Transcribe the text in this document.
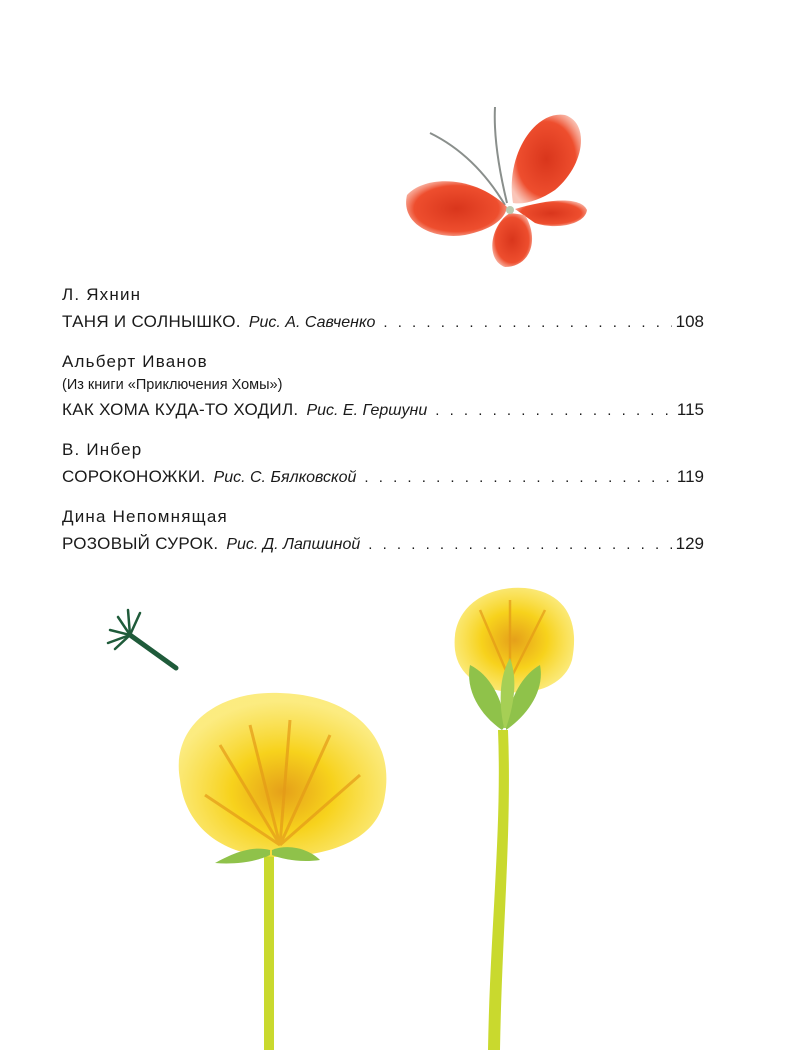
Л. Яхнин
ТАНЯ И СОЛНЫШКО. Рис. А. Савченко . . .	108
Альберт Иванов
(Из книги «Приключения Хомы»)
КАК ХОМА КУДА-ТО ХОДИЛ. Рис. Е. Гершуни . . .	115
В. Инбер
СОРОКОНОЖКИ. Рис. С. Бялковской . . .	119
Дина Непомнящая
РОЗОВЫЙ СУРОК. Рис. Д. Лапшиной . . .	129
